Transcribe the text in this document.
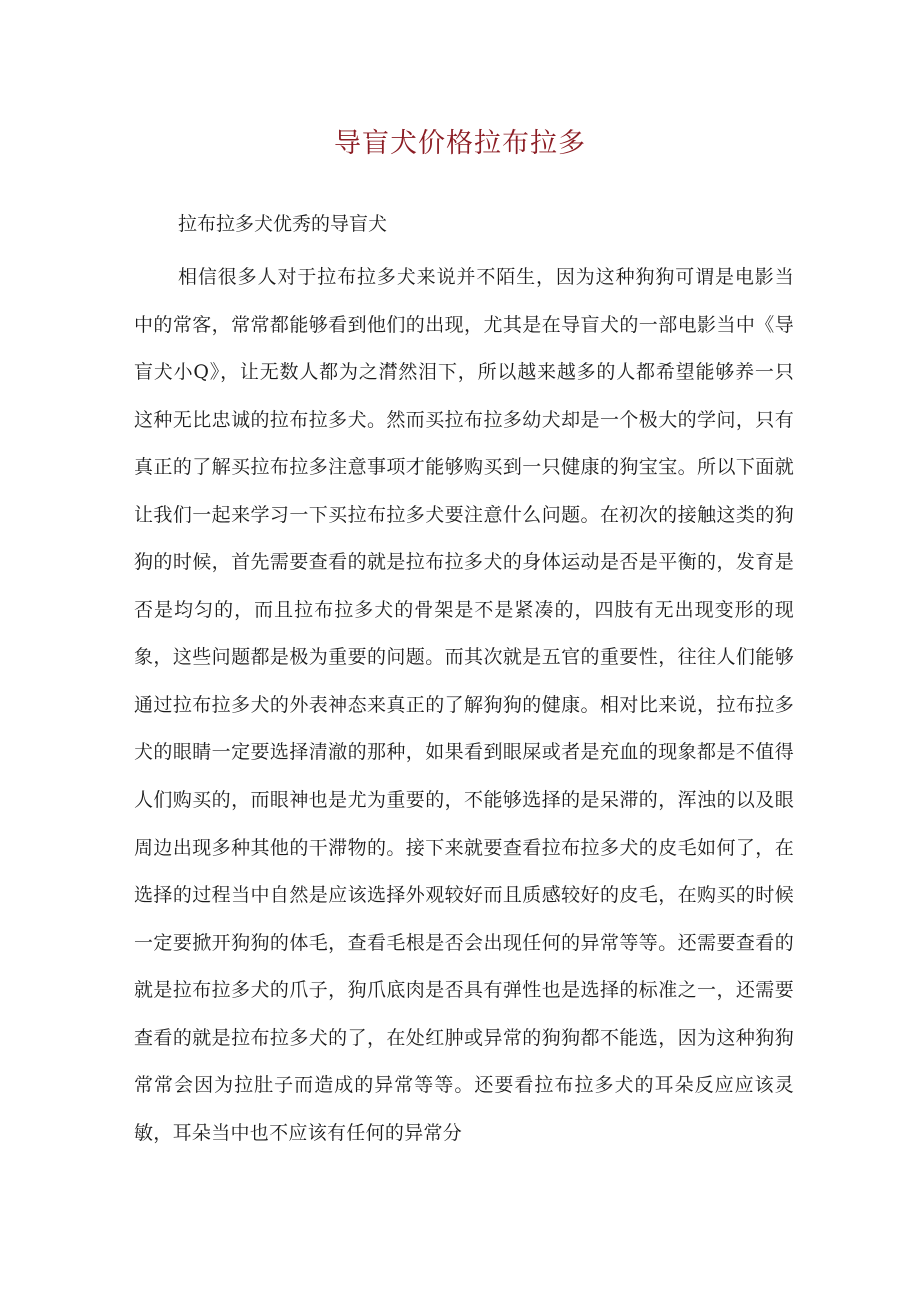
导盲犬价格拉布拉多

拉布拉多犬优秀的导盲犬

相信很多人对于拉布拉多犬来说并不陌生，因为这种狗狗可谓是电影当中的常客，常常都能够看到他们的出现，尤其是在导盲犬的一部电影当中《导盲犬小Q》，让无数人都为之潸然泪下，所以越来越多的人都希望能够养一只这种无比忠诚的拉布拉多犬。然而买拉布拉多幼犬却是一个极大的学问，只有真正的了解买拉布拉多注意事项才能够购买到一只健康的狗宝宝。所以下面就让我们一起来学习一下买拉布拉多犬要注意什么问题。在初次的接触这类的狗狗的时候，首先需要查看的就是拉布拉多犬的身体运动是否是平衡的，发育是否是均匀的，而且拉布拉多犬的骨架是不是紧凑的，四肢有无出现变形的现象，这些问题都是极为重要的问题。而其次就是五官的重要性，往往人们能够通过拉布拉多犬的外表神态来真正的了解狗狗的健康。相对比来说，拉布拉多犬的眼睛一定要选择清澈的那种，如果看到眼屎或者是充血的现象都是不值得人们购买的，而眼神也是尤为重要的，不能够选择的是呆滞的，浑浊的以及眼周边出现多种其他的干滞物的。接下来就要查看拉布拉多犬的皮毛如何了，在选择的过程当中自然是应该选择外观较好而且质感较好的皮毛，在购买的时候一定要掀开狗狗的体毛，查看毛根是否会出现任何的异常等等。还需要查看的就是拉布拉多犬的爪子，狗爪底肉是否具有弹性也是选择的标准之一，还需要查看的就是拉布拉多犬的了，在处红肿或异常的狗狗都不能选，因为这种狗狗常常会因为拉肚子而造成的异常等等。还要看拉布拉多犬的耳朵反应应该灵敏，耳朵当中也不应该有任何的异常分
